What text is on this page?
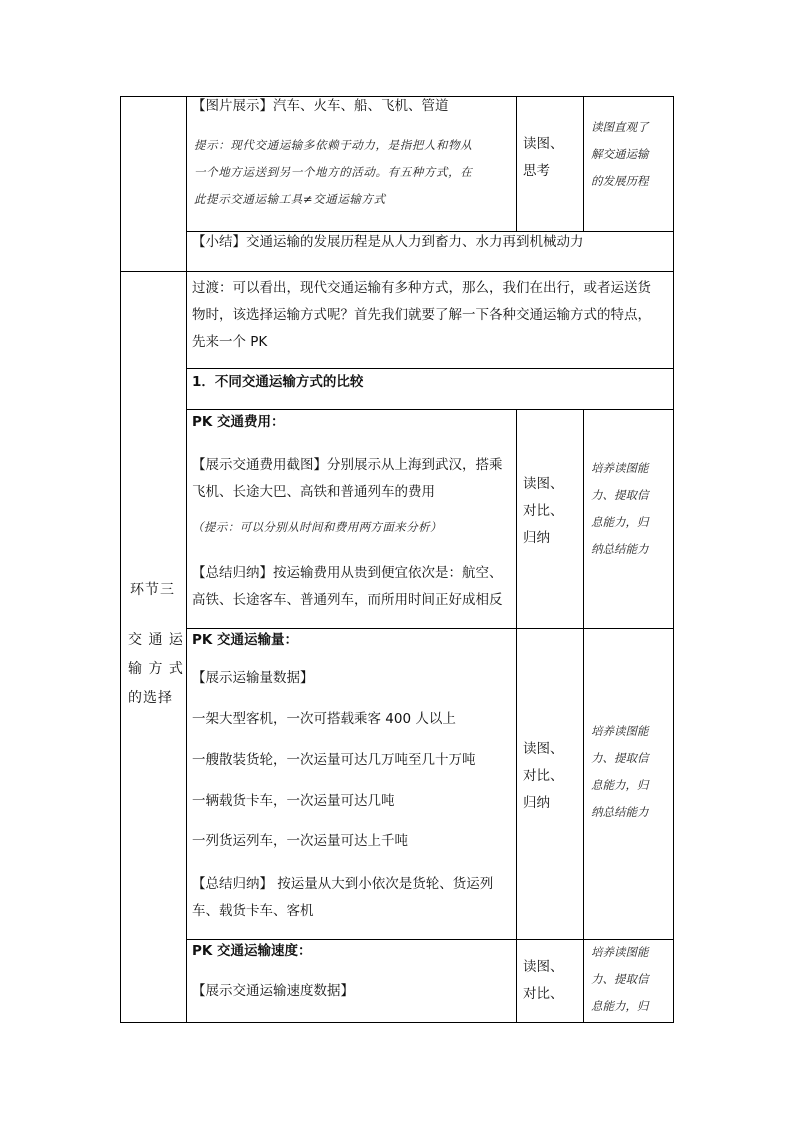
【图片展示】汽车、火车、船、飞机、管道
提示：现代交通运输多依赖于动力，是指把人和物从
一个地方运送到另一个地方的活动。有五种方式，在
此提示交通运输工具≠交通运输方式
读图、
思考
读图直观了
解交通运输
的发展历程
【小结】交通运输的发展历程是从人力到畜力、水力再到机械动力
环节三
交 通 运
输 方 式
的选择
过渡：可以看出，现代交通运输有多种方式，那么，我们在出行，或者运送货
物时，该选择运输方式呢？首先我们就要了解一下各种交通运输方式的特点，
先来一个 PK
1．不同交通运输方式的比较
PK 交通费用：
【展示交通费用截图】分别展示从上海到武汉，搭乘
飞机、长途大巴、高铁和普通列车的费用
（提示：可以分别从时间和费用两方面来分析）
【总结归纳】按运输费用从贵到便宜依次是：航空、
高铁、长途客车、普通列车，而所用时间正好成相反
读图、
对比、
归纳
培养读图能
力、提取信
息能力，归
纳总结能力
PK 交通运输量：
【展示运输量数据】
一架大型客机，一次可搭载乘客 400 人以上
一艘散装货轮，一次运量可达几万吨至几十万吨
一辆载货卡车，一次运量可达几吨
一列货运列车，一次运量可达上千吨
【总结归纳】 按运量从大到小依次是货轮、货运列
车、载货卡车、客机
读图、
对比、
归纳
培养读图能
力、提取信
息能力，归
纳总结能力
PK 交通运输速度：
【展示交通运输速度数据】
读图、
对比、
培养读图能
力、提取信
息能力，归
